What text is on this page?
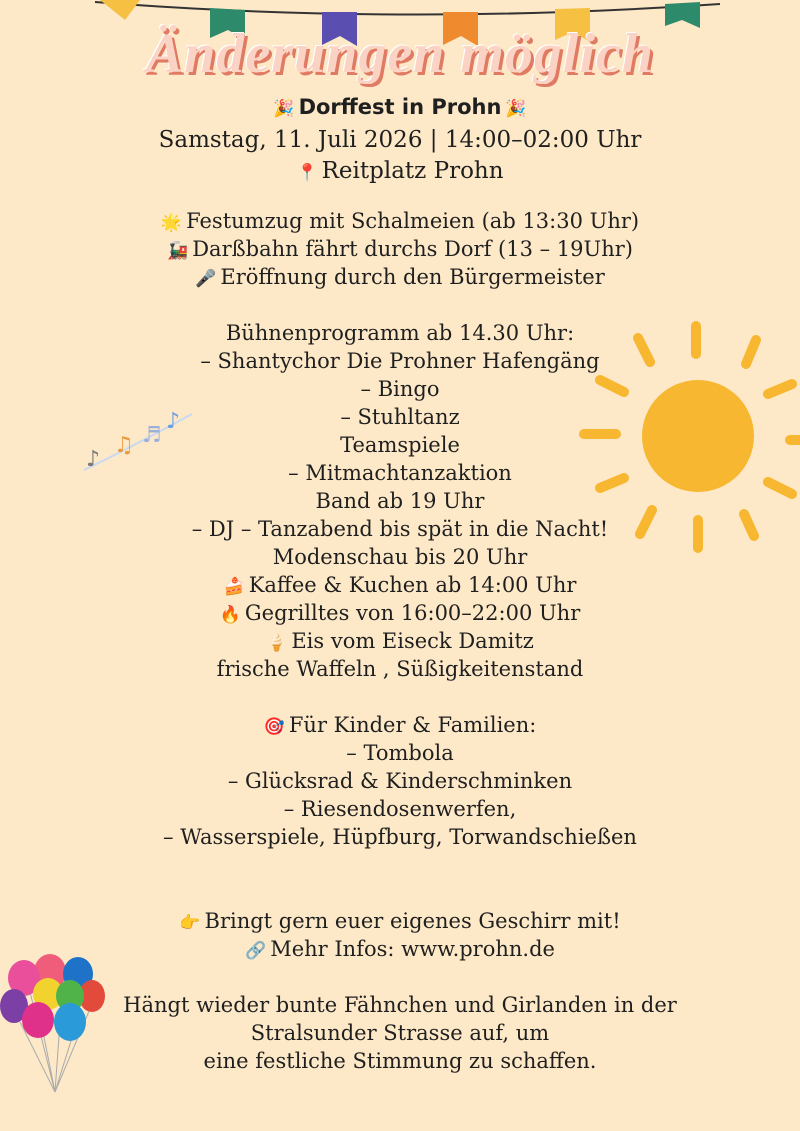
Änderungen möglich
🎉 Dorffest in Prohn 🎉
Samstag, 11. Juli 2026 | 14:00–02:00 Uhr
📍 Reitplatz Prohn
🌟 Festumzug mit Schalmeien (ab 13:30 Uhr)
🚂 Darßbahn fährt durchs Dorf (13 – 19Uhr)
🎤 Eröffnung durch den Bürgermeister
Bühnenprogramm ab 14.30 Uhr:
– Shantychor Die Prohner Hafengäng
– Bingo
– Stuhltanz
Teamspiele
– Mitmachtanzaktion
Band ab 19 Uhr
– DJ – Tanzabend bis spät in die Nacht!
Modenschau bis 20 Uhr
🍰 Kaffee & Kuchen ab 14:00 Uhr
🔥 Gegrilltes von 16:00–22:00 Uhr
🍦 Eis vom Eiseck Damitz
frische Waffeln , Süßigkeitenstand
🎯 Für Kinder & Familien:
– Tombola
– Glücksrad & Kinderschminken
– Riesendosenwerfen,
– Wasserspiele, Hüpfburg, Torwandschießen
👉 Bringt gern euer eigenes Geschirr mit!
🔗 Mehr Infos: www.prohn.de
Hängt wieder bunte Fähnchen und Girlanden in der
Stralsunder Strasse auf, um
eine festliche Stimmung zu schaffen.
♪
♫ ♬
♪
